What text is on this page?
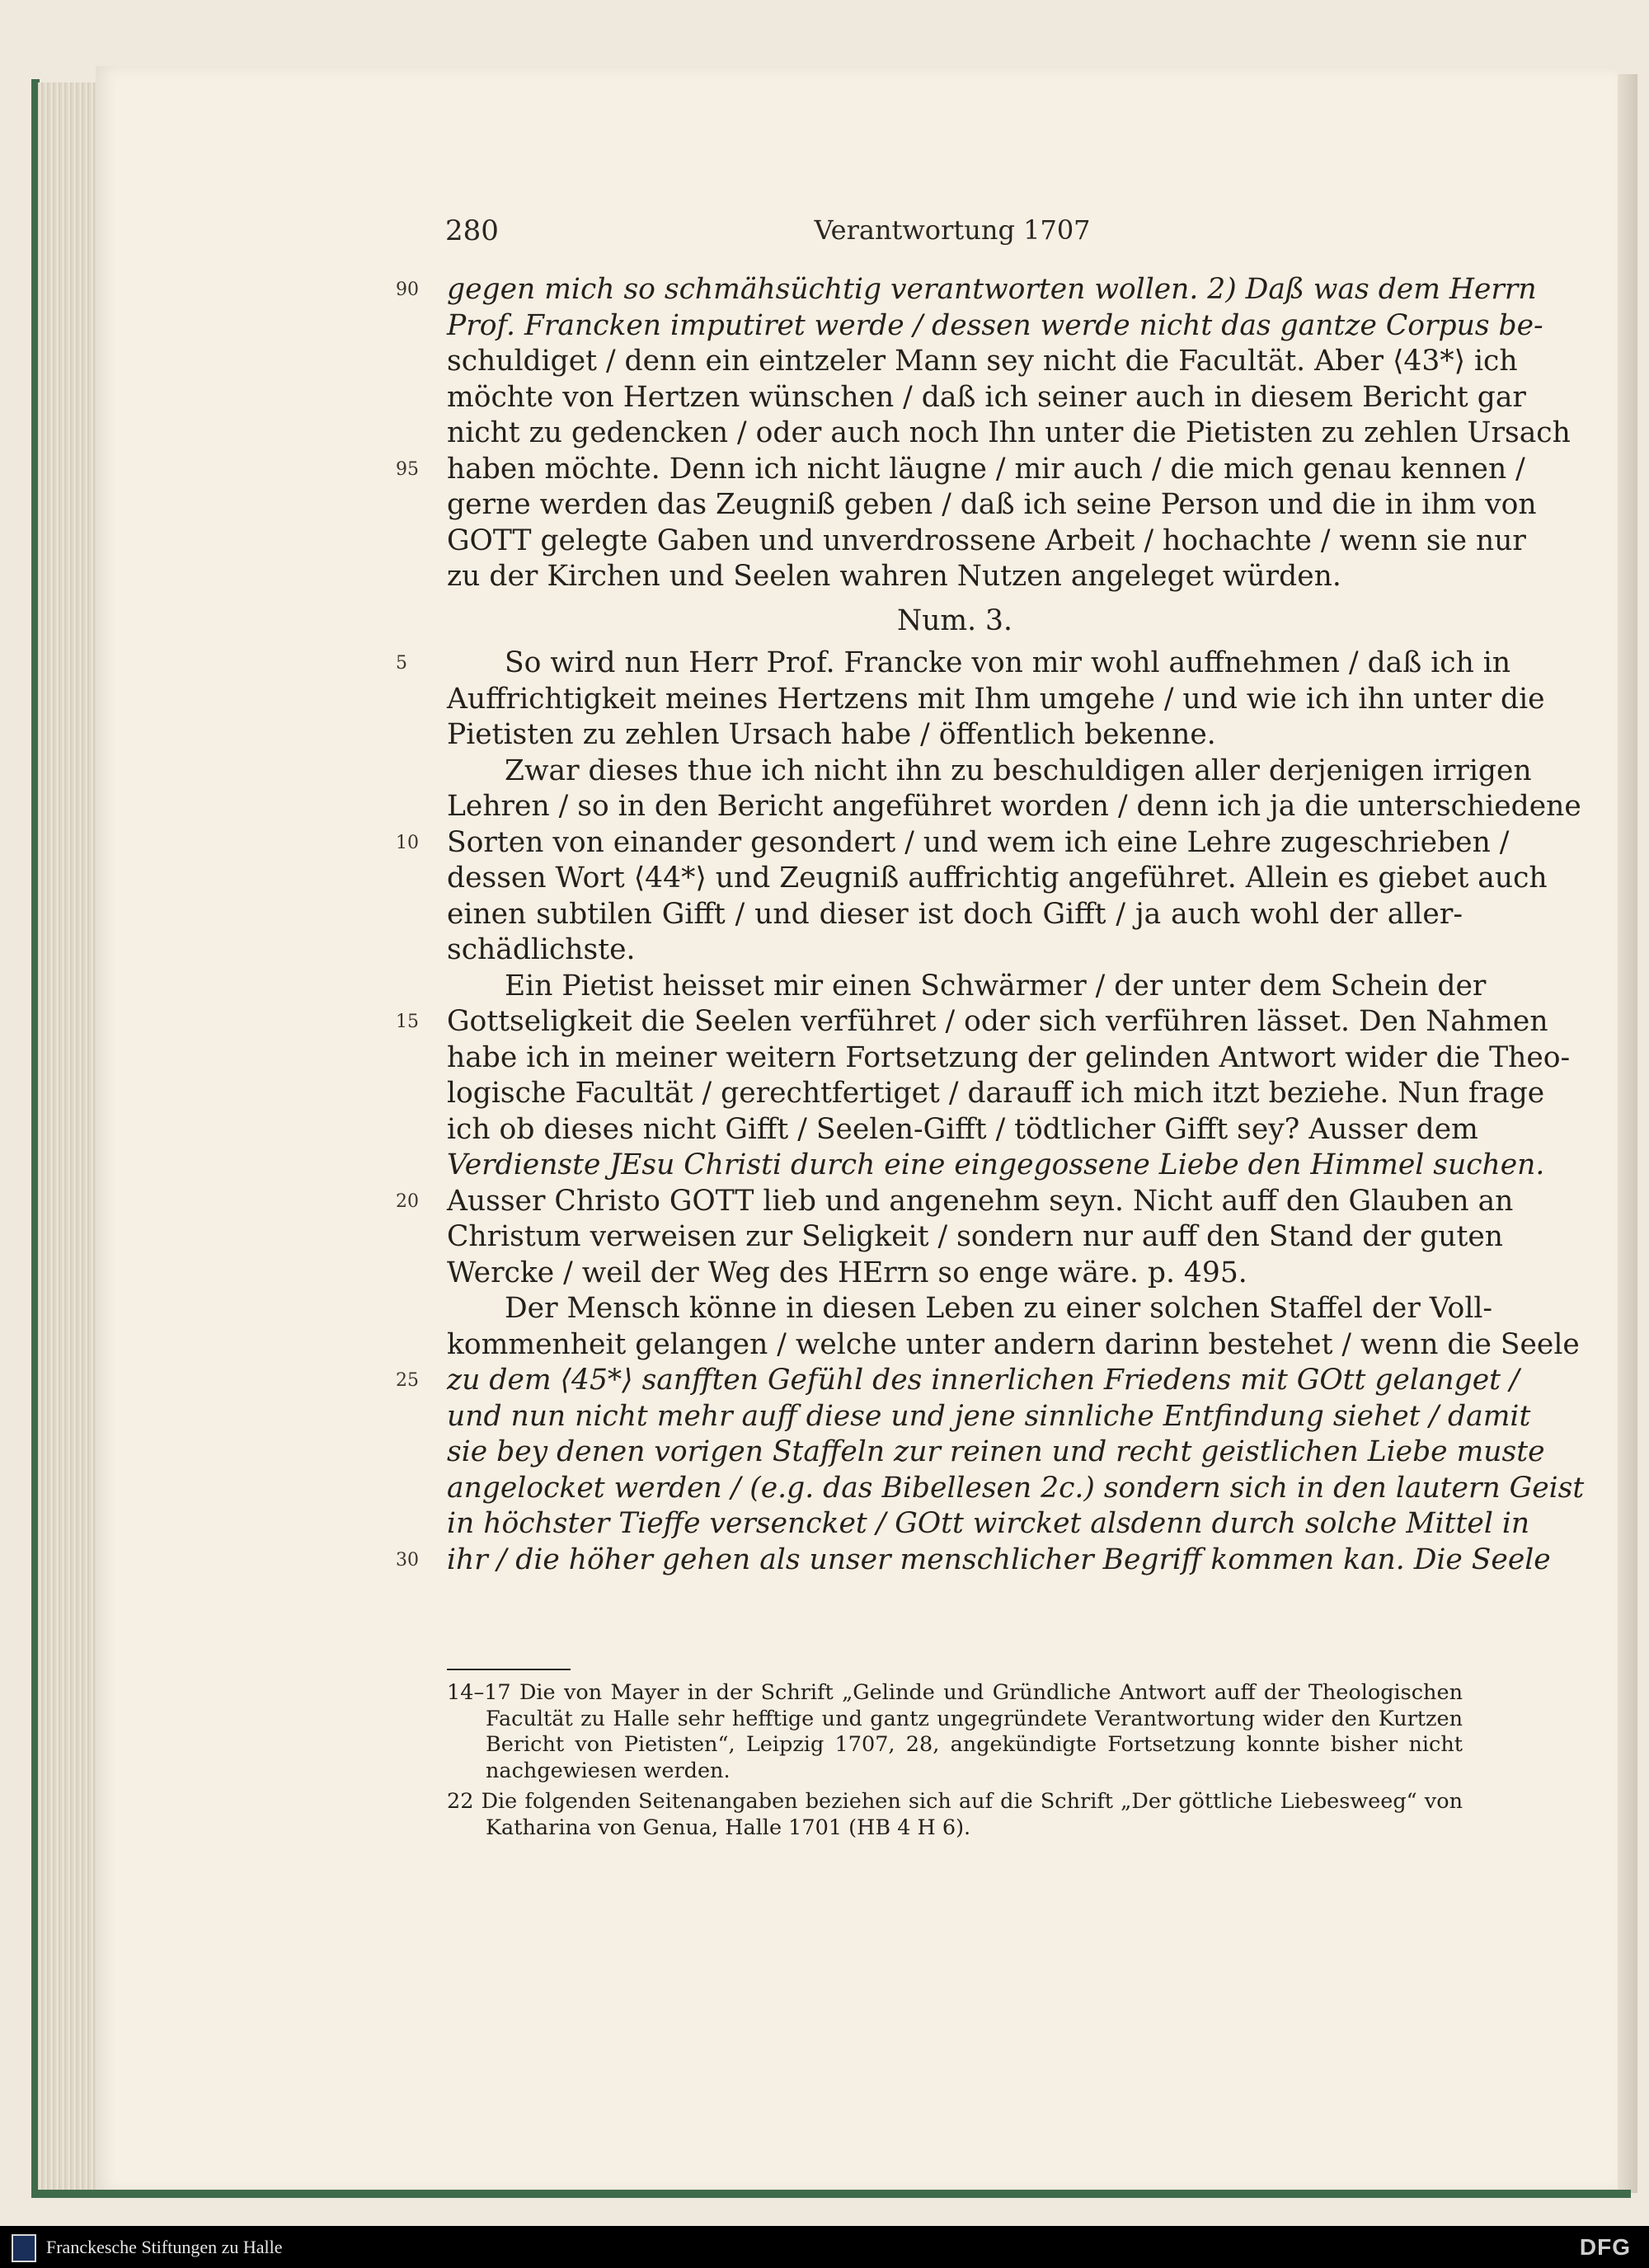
280	Verantwortung 1707
90 gegen mich so schmähsüchtig verantworten wollen. 2) Daß was dem Herrn
Prof. Francken imputiret werde / dessen werde nicht das gantze Corpus be-
schuldiget / denn ein eintzeler Mann sey nicht die Facultät. Aber ⟨43*⟩ ich
möchte von Hertzen wünschen / daß ich seiner auch in diesem Bericht gar
nicht zu gedencken / oder auch noch Ihn unter die Pietisten zu zehlen Ursach
95 haben möchte. Denn ich nicht läugne / mir auch / die mich genau kennen /
gerne werden das Zeugniß geben / daß ich seine Person und die in ihm von
GOTT gelegte Gaben und unverdrossene Arbeit / hochachte / wenn sie nur
zu der Kirchen und Seelen wahren Nutzen angeleget würden.
Num. 3.
5	So wird nun Herr Prof. Francke von mir wohl auffnehmen / daß ich in
Auffrichtigkeit meines Hertzens mit Ihm umgehe / und wie ich ihn unter die
Pietisten zu zehlen Ursach habe / öffentlich bekenne.
Zwar dieses thue ich nicht ihn zu beschuldigen aller derjenigen irrigen
Lehren / so in den Bericht angeführet worden / denn ich ja die unterschiedene
10 Sorten von einander gesondert / und wem ich eine Lehre zugeschrieben /
dessen Wort ⟨44*⟩ und Zeugniß auffrichtig angeführet. Allein es giebet auch
einen subtilen Gifft / und dieser ist doch Gifft / ja auch wohl der aller-
schädlichste.
Ein Pietist heisset mir einen Schwärmer / der unter dem Schein der
15 Gottseligkeit die Seelen verführet / oder sich verführen lässet. Den Nahmen
habe ich in meiner weitern Fortsetzung der gelinden Antwort wider die Theo-
logische Facultät / gerechtfertiget / darauff ich mich itzt beziehe. Nun frage
ich ob dieses nicht Gifft / Seelen-Gifft / tödtlicher Gifft sey? Ausser dem
Verdienste JEsu Christi durch eine eingegossene Liebe den Himmel suchen.
20 Ausser Christo GOTT lieb und angenehm seyn. Nicht auff den Glauben an
Christum verweisen zur Seligkeit / sondern nur auff den Stand der guten
Wercke / weil der Weg des HErrn so enge wäre. p. 495.
Der Mensch könne in diesen Leben zu einer solchen Staffel der Voll-
kommenheit gelangen / welche unter andern darinn bestehet / wenn die Seele
25 zu dem ⟨45*⟩ sanfften Gefühl des innerlichen Friedens mit GOtt gelanget /
und nun nicht mehr auff diese und jene sinnliche Entfindung siehet / damit
sie bey denen vorigen Staffeln zur reinen und recht geistlichen Liebe muste
angelocket werden / (e.g. das Bibellesen 2c.) sondern sich in den lautern Geist
in höchster Tieffe versencket / GOtt wircket alsdenn durch solche Mittel in
30 ihr / die höher gehen als unser menschlicher Begriff kommen kan. Die Seele
14–17 Die von Mayer in der Schrift „Gelinde und Gründliche Antwort auff der Theologischen
Facultät zu Halle sehr hefftige und gantz ungegründete Verantwortung wider den Kurtzen
Bericht von Pietisten“, Leipzig 1707, 28, angekündigte Fortsetzung konnte bisher nicht
nachgewiesen werden.
22 Die folgenden Seitenangaben beziehen sich auf die Schrift „Der göttliche Liebesweeg“ von
Katharina von Genua, Halle 1701 (HB 4 H 6).
Franckesche Stiftungen zu Halle	DFG
